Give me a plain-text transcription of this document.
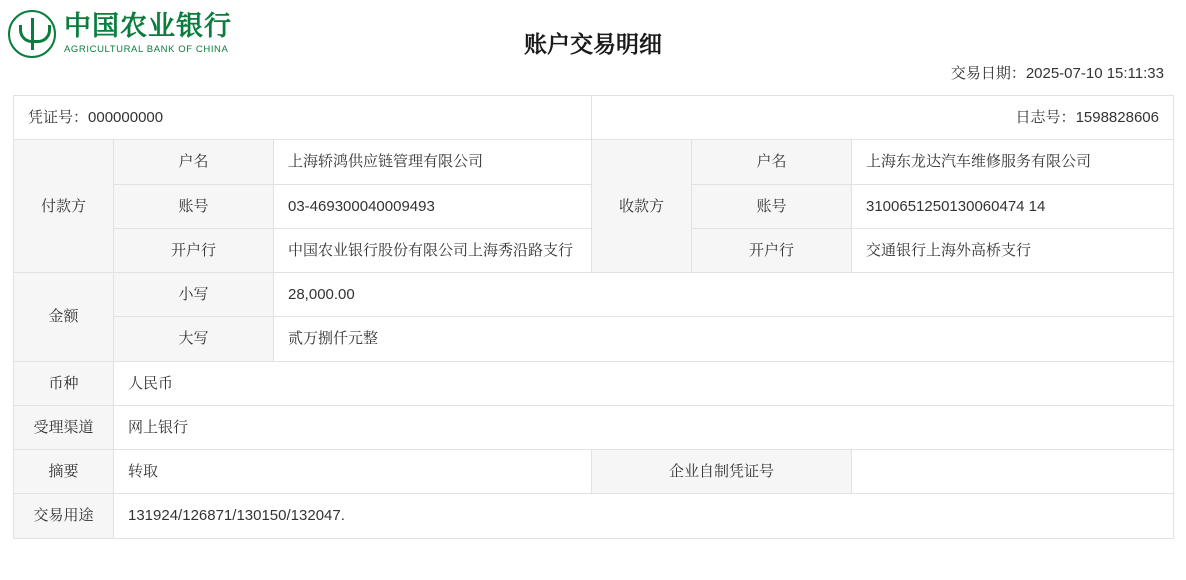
中国农业银行
AGRICULTURAL BANK OF CHINA	账户交易明细
交易日期：2025-07-10 15:11:33
凭证号：000000000			日志号：1598828606		
付款方	户名	上海轿鸿供应链管理有限公司	收款方	户名	上海东龙达汽车维修服务有限公司
	账号	03-469300040009493		账号	3100651250130060474 14
	开户行	中国农业银行股份有限公司上海秀沿路支行		开户行	交通银行上海外高桥支行
金额	小写	28,000.00			
	大写	贰万捌仟元整			
币种	人民币				
受理渠道	网上银行				
摘要	转取		企业自制凭证号		
交易用途	131924/126871/130150/132047.				
